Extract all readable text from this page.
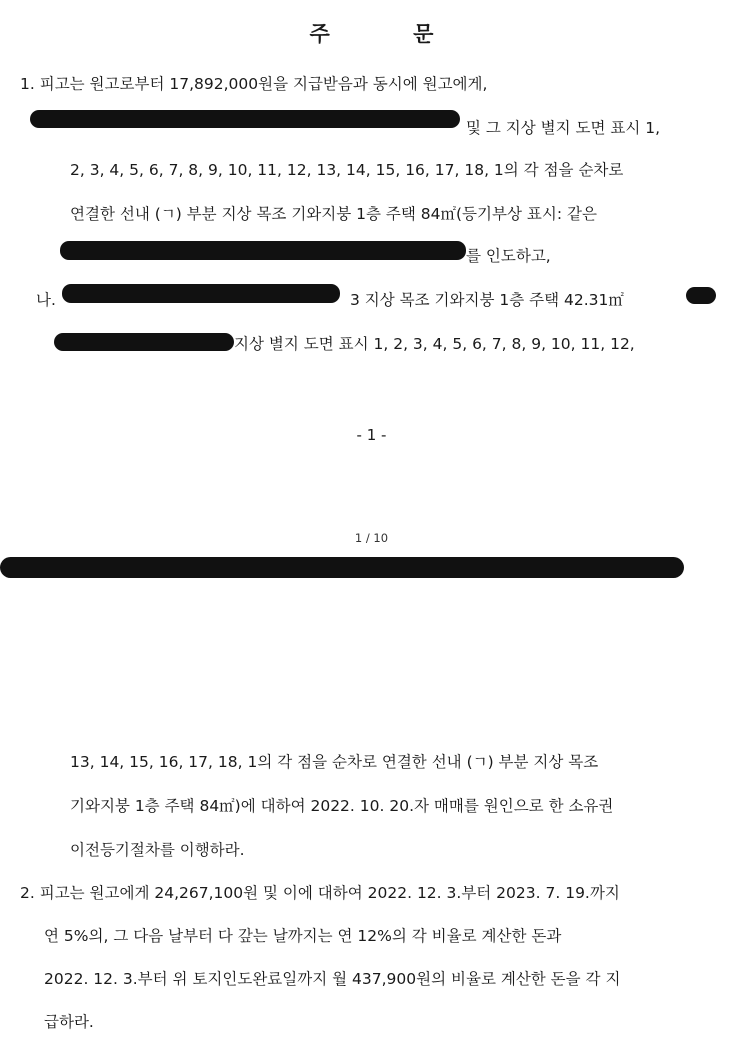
주 문
1. 피고는 원고로부터 17,892,000원을 지급받음과 동시에 원고에게,
및 그 지상 별지 도면 표시 1,
2, 3, 4, 5, 6, 7, 8, 9, 10, 11, 12, 13, 14, 15, 16, 17, 18, 1의 각 점을 순차로
연결한 선내 (ㄱ) 부분 지상 목조 기와지붕 1층 주택 84㎡(등기부상 표시: 같은
를 인도하고,
나.	3 지상 목조 기와지붕 1층 주택 42.31㎡
지상 별지 도면 표시 1, 2, 3, 4, 5, 6, 7, 8, 9, 10, 11, 12,
- 1 -
1 / 10
13, 14, 15, 16, 17, 18, 1의 각 점을 순차로 연결한 선내 (ㄱ) 부분 지상 목조
기와지붕 1층 주택 84㎡)에 대하여 2022. 10. 20.자 매매를 원인으로 한 소유권
이전등기절차를 이행하라.
2. 피고는 원고에게 24,267,100원 및 이에 대하여 2022. 12. 3.부터 2023. 7. 19.까지
연 5%의, 그 다음 날부터 다 갚는 날까지는 연 12%의 각 비율로 계산한 돈과
2022. 12. 3.부터 위 토지인도완료일까지 월 437,900원의 비율로 계산한 돈을 각 지
급하라.
